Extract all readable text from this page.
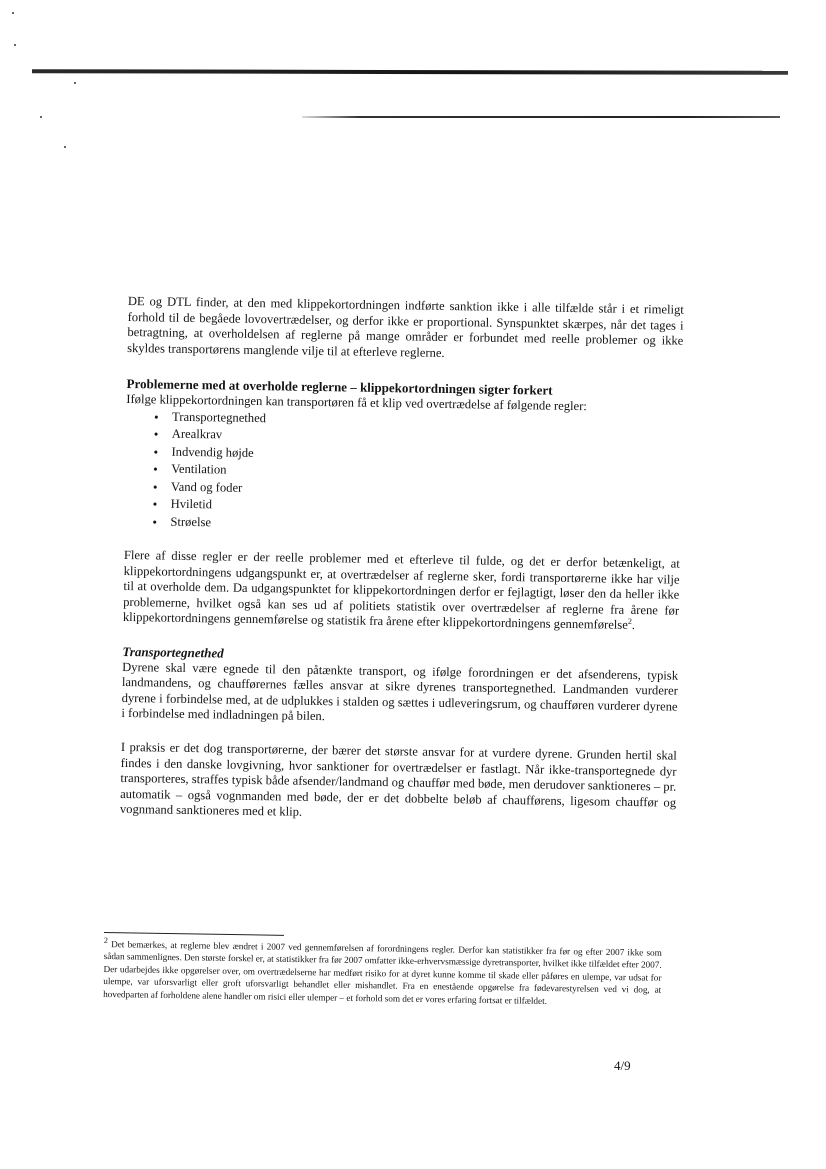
DE og DTL finder, at den med klippekortordningen indførte sanktion ikke i alle tilfælde står i et rimeligt forhold til de begåede lovovertrædelser, og derfor ikke er proportional. Synspunktet skærpes, når det tages i betragtning, at overholdelsen af reglerne på mange områder er forbundet med reelle problemer og ikke skyldes transportørens manglende vilje til at efterleve reglerne.

Problemerne med at overholde reglerne – klippekortordningen sigter forkert

Ifølge klippekortordningen kan transportøren få et klip ved overtrædelse af følgende regler:

• Transportegnethed
• Arealkrav
• Indvendig højde
• Ventilation
• Vand og foder
• Hviletid
• Strøelse

Flere af disse regler er der reelle problemer med et efterleve til fulde, og det er derfor betænkeligt, at klippekortordningens udgangspunkt er, at overtrædelser af reglerne sker, fordi transportørerne ikke har vilje til at overholde dem. Da udgangspunktet for klippekortordningen derfor er fejlagtigt, løser den da heller ikke problemerne, hvilket også kan ses ud af politiets statistik over overtrædelser af reglerne fra årene før klippekortordningens gennemførelse og statistik fra årene efter klippekortordningens gennemførelse$^2$.

Transportegnethed

Dyrene skal være egnede til den påtænkte transport, og ifølge forordningen er det afsenderens, typisk landmandens, og chaufførernes fælles ansvar at sikre dyrenes transportegnethed. Landmanden vurderer dyrene i forbindelse med, at de udplukkes i stalden og sættes i udleveringsrum, og chaufføren vurderer dyrene i forbindelse med indladningen på bilen.

I praksis er det dog transportørerne, der bærer det største ansvar for at vurdere dyrene. Grunden hertil skal findes i den danske lovgivning, hvor sanktioner for overtrædelser er fastlagt. Når ikke-transportegnede dyr transporteres, straffes typisk både afsender/landmand og chauffør med bøde, men derudover sanktioneres – pr. automatik – også vognmanden med bøde, der er det dobbelte beløb af chaufførens, ligesom chauffør og vognmand sanktioneres med et klip.

$^2$ Det bemærkes, at reglerne blev ændret i 2007 ved gennemførelsen af forordningens regler. Derfor kan statistikker fra før og efter 2007 ikke som sådan sammenlignes. Den største forskel er, at statistikker fra før 2007 omfatter ikke-erhvervsmæssige dyretransporter, hvilket ikke tilfældet efter 2007. Der udarbejdes ikke opgørelser over, om overtrædelserne har medført risiko for at dyret kunne komme til skade eller påføres en ulempe, var udsat for ulempe, var uforsvarligt eller groft uforsvarligt behandlet eller mishandlet. Fra en enestående opgørelse fra fødevarestyrelsen ved vi dog, at hovedparten af forholdene alene handler om risici eller ulemper – et forhold som det er vores erfaring fortsat er tilfældet.
4/9
